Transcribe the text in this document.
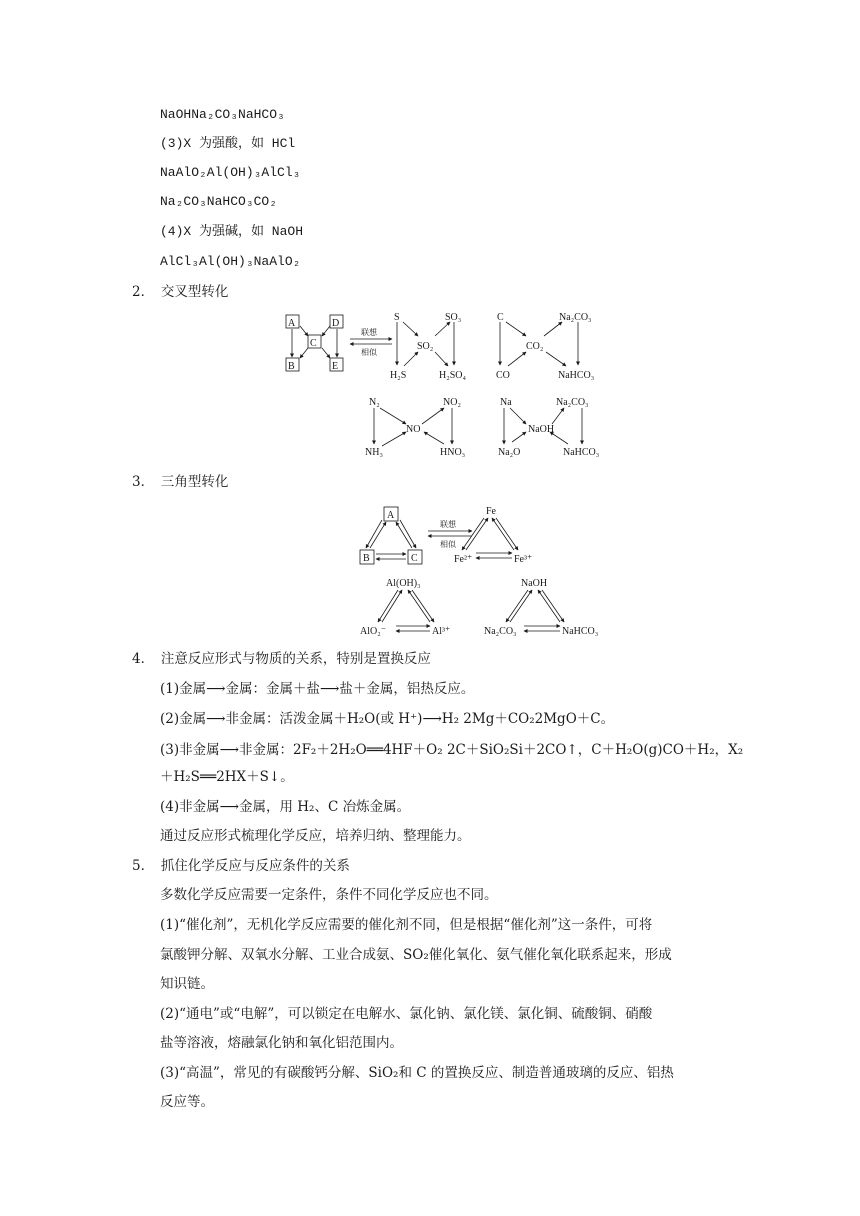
NaOHNa₂CO₃NaHCO₃
(3)X 为强酸，如 HCl
NaAlO₂Al(OH)₃AlCl₃
Na₂CO₃NaHCO₃CO₂
(4)X 为强碱，如 NaOH
AlCl₃Al(OH)₃NaAlO₂
2．　交叉型转化
A	D
C
B	E
联想
相似
S	SO₃
SO₂
H₂S	H₂SO₄
C	Na₂CO₃
CO₂
CO	NaHCO₃
N₂	NO₂
NO
NH₃	HNO₃
Na	Na₂CO₃
NaOH
Na₂O	NaHCO₃
3．　三角型转化
A
B	C
联想
相似
Fe
Fe²⁺	Fe³⁺
Al(OH)₃
AlO₂⁻	Al³⁺
NaOH
Na₂CO₃	NaHCO₃
4．　注意反应形式与物质的关系，特别是置换反应
(1)金属⟶金属：金属＋盐⟶盐＋金属，铝热反应。
(2)金属⟶非金属：活泼金属＋H₂O(或 H⁺)⟶H₂ 2Mg＋CO₂2MgO＋C。
(3)非金属⟶非金属：2F₂＋2H₂O══4HF＋O₂ 2C＋SiO₂Si＋2CO↑，C＋H₂O(g)CO＋H₂，X₂
＋H₂S══2HX＋S↓。
(4)非金属⟶金属，用 H₂、C 冶炼金属。
通过反应形式梳理化学反应，培养归纳、整理能力。
5．　抓住化学反应与反应条件的关系
多数化学反应需要一定条件，条件不同化学反应也不同。
(1)“催化剂”，无机化学反应需要的催化剂不同，但是根据“催化剂”这一条件，可将
氯酸钾分解、双氧水分解、工业合成氨、SO₂催化氧化、氨气催化氧化联系起来，形成
知识链。
(2)“通电”或“电解”，可以锁定在电解水、氯化钠、氯化镁、氯化铜、硫酸铜、硝酸
盐等溶液，熔融氯化钠和氧化铝范围内。
(3)“高温”，常见的有碳酸钙分解、SiO₂和 C 的置换反应、制造普通玻璃的反应、铝热
反应等。
